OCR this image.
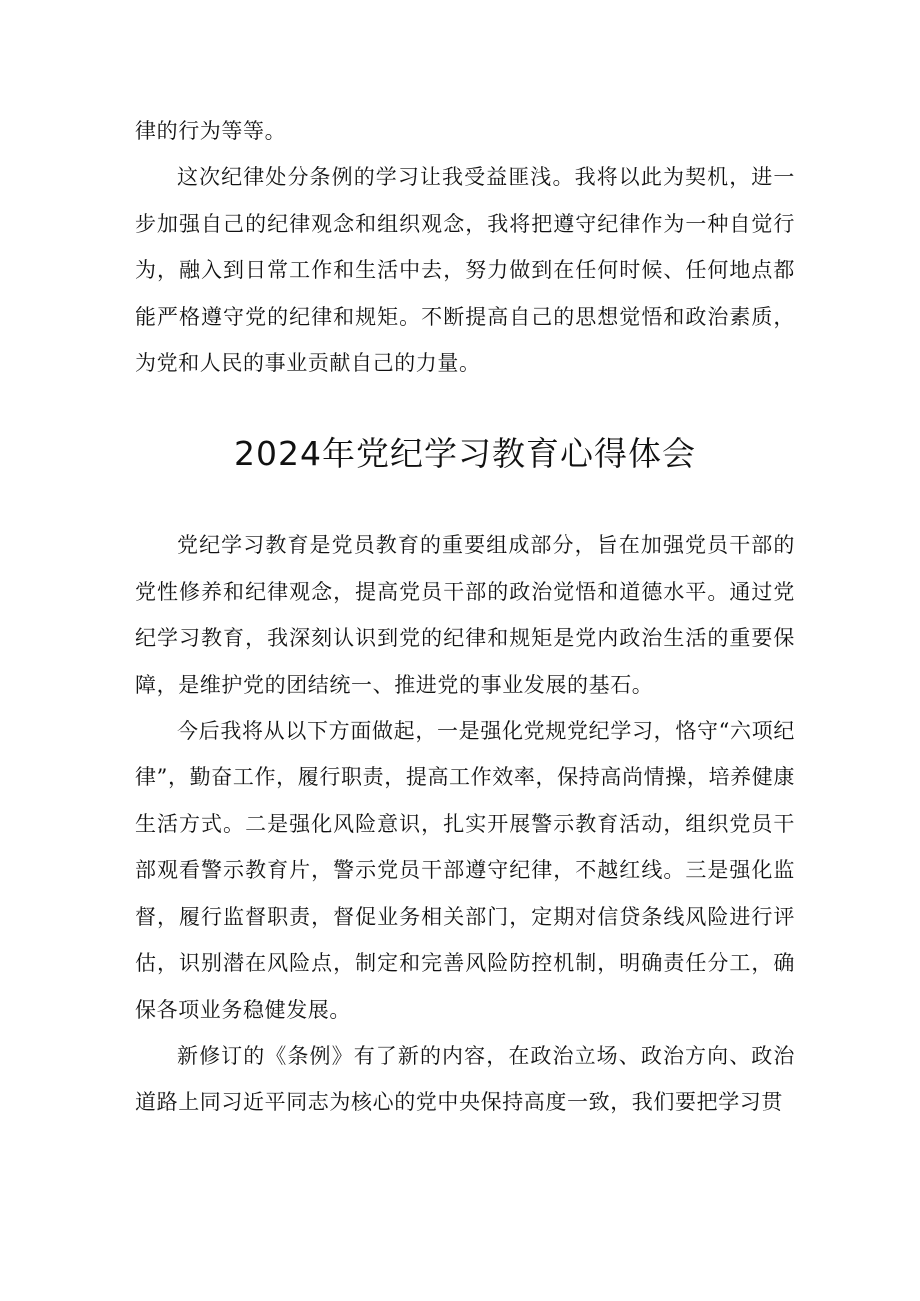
律的行为等等。

这次纪律处分条例的学习让我受益匪浅。我将以此为契机，进一步加强自己的纪律观念和组织观念，我将把遵守纪律作为一种自觉行为，融入到日常工作和生活中去，努力做到在任何时候、任何地点都能严格遵守党的纪律和规矩。不断提高自己的思想觉悟和政治素质，为党和人民的事业贡献自己的力量。

2024年党纪学习教育心得体会

党纪学习教育是党员教育的重要组成部分，旨在加强党员干部的党性修养和纪律观念，提高党员干部的政治觉悟和道德水平。通过党纪学习教育，我深刻认识到党的纪律和规矩是党内政治生活的重要保障，是维护党的团结统一、推进党的事业发展的基石。

今后我将从以下方面做起，一是强化党规党纪学习，恪守“六项纪律”，勤奋工作，履行职责，提高工作效率，保持高尚情操，培养健康生活方式。二是强化风险意识，扎实开展警示教育活动，组织党员干部观看警示教育片，警示党员干部遵守纪律，不越红线。三是强化监督，履行监督职责，督促业务相关部门，定期对信贷条线风险进行评估，识别潜在风险点，制定和完善风险防控机制，明确责任分工，确保各项业务稳健发展。

新修订的《条例》有了新的内容，在政治立场、政治方向、政治道路上同习近平同志为核心的党中央保持高度一致，我们要把学习贯
